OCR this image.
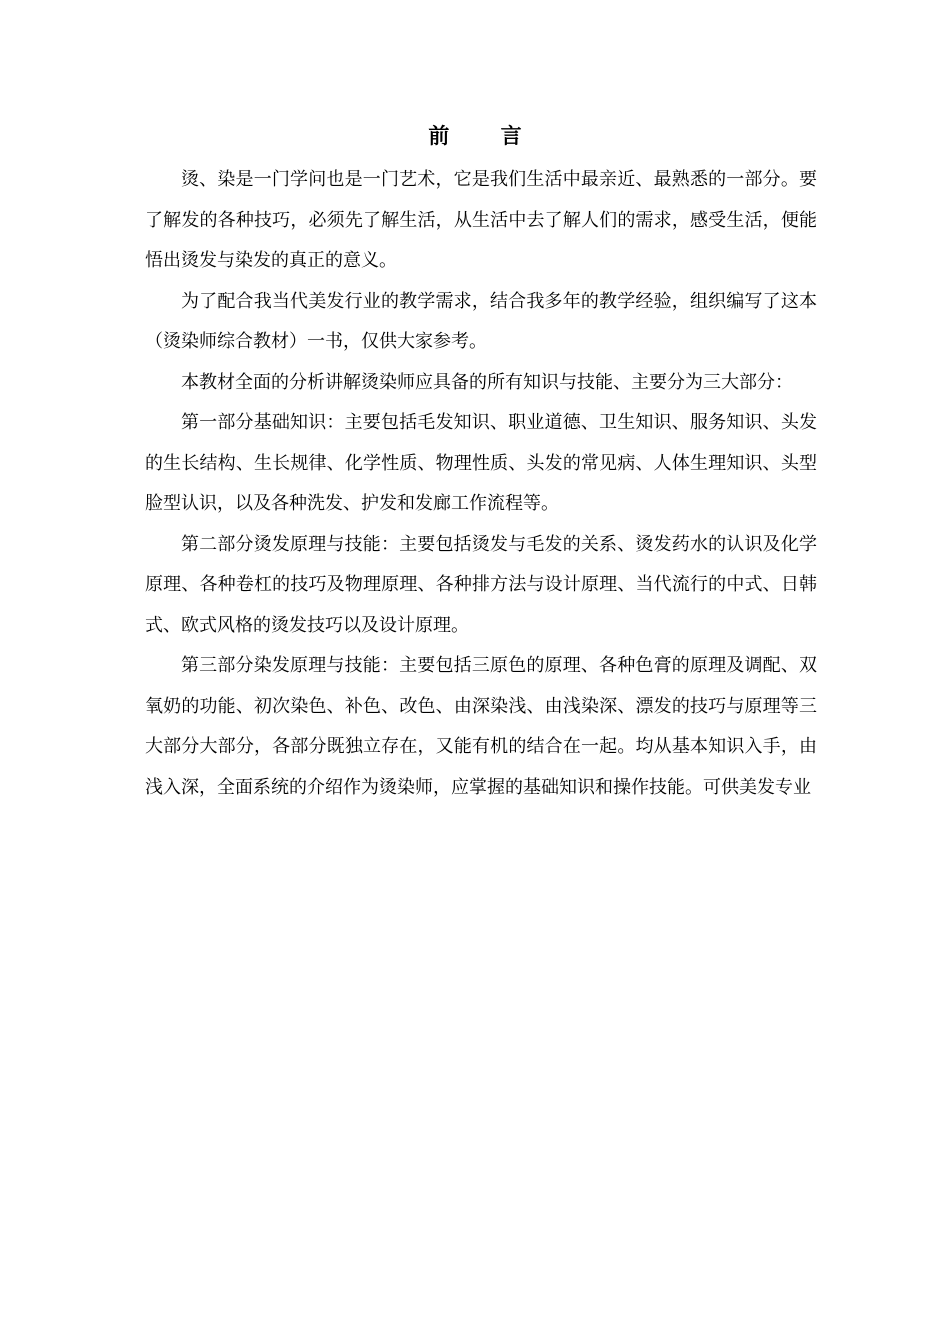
前 言

烫、染是一门学问也是一门艺术，它是我们生活中最亲近、最熟悉的一部分。要了解发的各种技巧，必须先了解生活，从生活中去了解人们的需求，感受生活，便能悟出烫发与染发的真正的意义。

为了配合我当代美发行业的教学需求，结合我多年的教学经验，组织编写了这本（烫染师综合教材）一书，仅供大家参考。

本教材全面的分析讲解烫染师应具备的所有知识与技能、主要分为三大部分：

第一部分基础知识：主要包括毛发知识、职业道德、卫生知识、服务知识、头发的生长结构、生长规律、化学性质、物理性质、头发的常见病、人体生理知识、头型脸型认识，以及各种洗发、护发和发廊工作流程等。

第二部分烫发原理与技能：主要包括烫发与毛发的关系、烫发药水的认识及化学原理、各种卷杠的技巧及物理原理、各种排方法与设计原理、当代流行的中式、日韩式、欧式风格的烫发技巧以及设计原理。

第三部分染发原理与技能：主要包括三原色的原理、各种色膏的原理及调配、双氧奶的功能、初次染色、补色、改色、由深染浅、由浅染深、漂发的技巧与原理等三大部分大部分，各部分既独立存在，又能有机的结合在一起。均从基本知识入手，由浅入深，全面系统的介绍作为烫染师，应掌握的基础知识和操作技能。可供美发专业
